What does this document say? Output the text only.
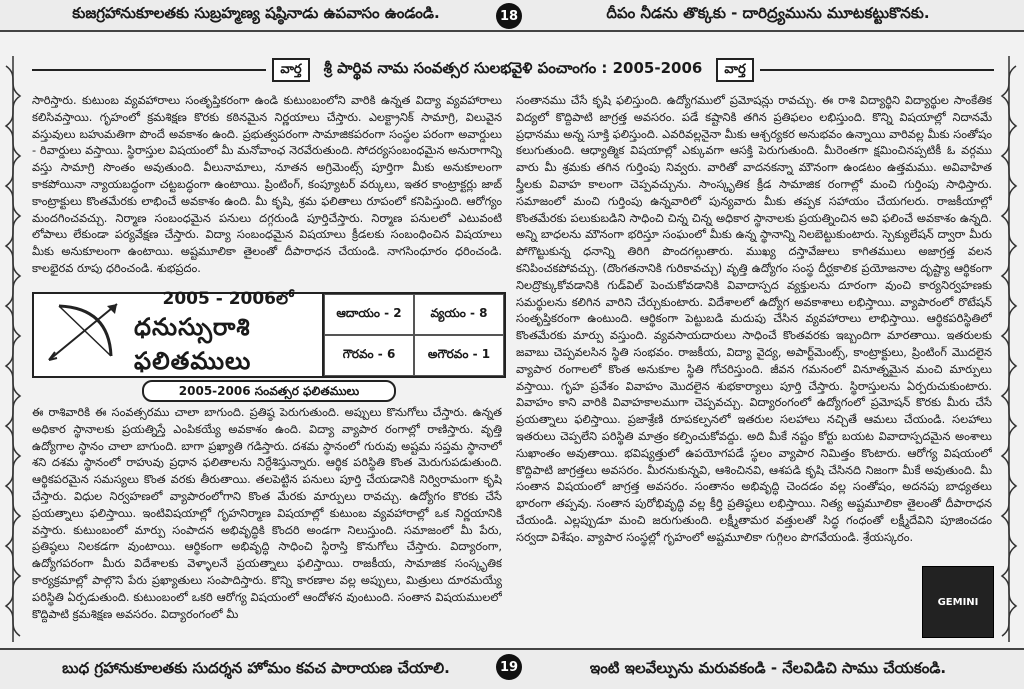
కుజగ్రహానుకూలతకు సుబ్రహ్మణ్య షష్ఠినాడు ఉపవాసం ఉండండి.	దీపం నీడను తొక్కకు - దారిద్ర్యమును మూటకట్టుకొనకు.
18
వార్త	శ్రీ పార్థివ నామ సంవత్సర సులభవైళి పంచాంగం : 2005-2006	వార్త

సారిస్తారు. కుటుంబ వ్యవహారాలు సంతృప్తికరంగా ఉండి కుటుంబంలోని వారికి ఉన్నత విద్యా వ్యవహారాలు కలిసివస్తాయి. గృహంలో క్రమశిక్షణ కొరకు కఠినమైన నిర్ణయాలు చేస్తారు. ఎలక్ట్రానిక్ సామాగ్రి, విలువైన వస్తువులు బహుమతిగా పొందే అవకాశం ఉంది. ప్రభుత్వపరంగా సామాజికపరంగా సంస్థల పరంగా అవార్డులు - రివార్డులు వస్తాయి. స్థిరాస్తుల విషయంలో మీ మనోవాంఛ నెరవేరుతుంది. సోదర్యసంబంధమైన అనురాగాన్ని వస్తు సామాగ్రి సొంతం అవుతుంది. వీలునామాలు, నూతన అగ్రిమెంట్స్ పూర్తిగా మీకు అనుకూలంగా కాకపోయినా న్యాయబద్ధంగా చట్టబద్ధంగా ఉంటాయి. ప్రింటింగ్, కంప్యూటర్ వర్కులు, ఇతర కాంట్రాక్టర్లు జాబ్ కాంట్రాక్టులు కొంతమేరకు లాభించే అవకాశం ఉంది. మీ కృషి, శ్రమ ఫలితాలు రూపంలో కనిపిస్తుంది. ఆరోగ్యం మందగించవచ్చు. నిర్మాణ సంబంధమైన పనులు దగ్గరుండి పూర్తిచేస్తారు. నిర్మాణ పనులలో ఎటువంటి లోపాలు లేకుండా పర్యవేక్షణ చేస్తారు. విద్యా సంబంధమైన విషయాలు క్రీడలకు సంబంధించిన విషయాలు మీకు అనుకూలంగా ఉంటాయి. అష్టమూలికా తైలంతో దీపారాధన చేయండి. నాగసింధూరం ధరించండి. కాలభైరవ రూపు ధరించండి. శుభప్రదం.

2005 - 2006లో
ధనుస్సురాశి ఫలితములు
ఆదాయం - 2	వ్యయం - 8
గౌరవం - 6	అగౌరవం - 1
2005-2006 సంవత్సర ఫలితములు

ఈ రాశివారికి ఈ సంవత్సరము చాలా బాగుంది. ప్రతిష్ఠ పెరుగుతుంది. అప్పులు కొనుగోలు చేస్తారు. ఉన్నత అధికార స్థానాలకు ప్రయత్నిస్తే ఎంపికయ్యే అవకాశం ఉంది. విద్యా వ్యాపార రంగాల్లో రాణిస్తారు. వృత్తి ఉద్యోగాల స్థానం చాలా బాగుంది. బాగా ప్రఖ్యాతి గడిస్తారు. దశమ స్థానంలో గురువు అష్టమ సప్తమ స్థానాలో శని దశమ స్థానంలో రాహువు ప్రధాన ఫలితాలను నిర్దేశిస్తున్నారు. ఆర్థిక పరిస్థితి కొంత మెరుగుపడుతుంది. ఆర్థికపరమైన సమస్యలు కొంత వరకు తీరుతాయి. తలపెట్టిన పనులు పూర్తి చేయడానికి నిర్విరామంగా కృషి చేస్తారు. విధుల నిర్వహణలో వ్యాపారంలోగాని కొంత మేరకు మార్పులు రావచ్చు. ఉద్యోగం కొరకు చేసే ప్రయత్నాలు ఫలిస్తాయి. ఇంటివిషయాల్లో గృహనిర్మాణ విషయాల్లో కుటుంబ వ్యవహారాల్లో ఒక నిర్ణయానికి వస్తారు. కుటుంబంలో మార్పు సంపాదన అభివృద్ధికి కొందరి అండగా నిలుస్తుంది. సమాజంలో మీ పేరు, ప్రతిష్ఠలు నిలకడగా వుంటాయి. ఆర్థికంగా అభివృద్ధి సాధించి స్థిరాస్తి కొనుగోలు చేస్తారు. విద్యారంగా, ఉద్యోగపరంగా మీరు విదేశాలకు వెళ్ళాలనే ప్రయత్నాలు ఫలిస్తాయి. రాజకీయ, సామాజిక సంస్కృతిక కార్యక్రమాల్లో పాల్గొని పేరు ప్రఖ్యాతులు సంపాదిస్తారు. కొన్ని కారణాల వల్ల అప్పులు, మిత్రులు దూరమయ్యే పరిస్థితి ఏర్పడుతుంది. కుటుంబంలో ఒకరి ఆరోగ్య విషయంలో ఆందోళన వుంటుంది. సంతాన విషయములలో కొద్దిపాటి క్రమశిక్షణ అవసరం. విద్యారంగంలో మీ

సంతానము చేసే కృషి ఫలిస్తుంది. ఉద్యోగములో ప్రమోషన్లు రావచ్చు. ఈ రాశి విద్యార్థిని విద్యార్థుల సాంకేతిక విద్యలో కొద్దిపాటి జాగ్రత్త అవసరం. పడే కష్టానికి తగిన ప్రతిఫలం లభిస్తుంది. కొన్ని విషయాల్లో నిదానమే ప్రధానము అన్న సూక్తి ఫలిస్తుంది. ఎవరివల్లనైనా మీకు ఆశ్చర్యకర అనుభవం ఉన్నాయి వారివల్ల మీకు సంతోషం కలుగుతుంది. ఆధ్యాత్మిక విషయాల్లో ఎక్కువగా ఆసక్తి పెరుగుతుంది. మీరెంతగా క్షమించినప్పటికీ ఓ వర్గము వారు మీ శ్రమకు తగిన గుర్తింపు నివ్వరు. వారితో వాదనకన్నా మౌనంగా ఉండటం ఉత్తమము. అవివాహిత స్త్రీలకు వివాహ కాలంగా చెప్పవచ్చును. సాంస్కృతిక క్రీడ సామాజిక రంగాల్లో మంచి గుర్తింపు సాధిస్తారు. సమాజంలో మంచి గుర్తింపు ఉన్నవారిలో పున్యవారు మీకు తప్పక సహాయం చేయగలరు. రాజకీయాల్లో కొంతమేరకు పలుకుబడిని సాధించి చిన్న చిన్న అధికార స్థానాలకు ప్రయత్నించిన అవి ఫలించే అవకాశం ఉన్నది. అన్ని బాధలను మౌనంగా భరిస్తూ సంఘంలో మీకు ఉన్న స్థానాన్ని నిలబెట్టుకుంటారు. స్పెక్యులేషన్ ద్వారా మీరు పోగొట్టుకున్న ధనాన్ని తిరిగి పొందగల్గుతారు. ముఖ్య దస్తావేజులు కాగితములు అజాగ్రత్త వలన కనిపించకపోవచ్చు. (దొంగతనానికి గురికావచ్చు) వృత్తి ఉద్యోగం సంస్థ దీర్ఘకాలిక ప్రయోజనాల దృష్ట్యా ఆర్థికంగా నిలద్రొక్కుకోవడానికి గుడ్‌విల్ పెంచుకోవడానికి వివాదాస్పద వ్యక్తులను దూరంగా వుంచి కార్యనిర్వహణకు సమర్థులను కలిగిన వారిని చేర్చుకుంటారు. విదేశాలలో ఉద్యోగ అవకాశాలు లభిస్తాయి. వ్యాపారంలో రొటేషన్ సంతృప్తికరంగా ఉంటుంది. ఆర్థికంగా పెట్టుబడి మదుపు చేసిన వ్యవహారాలు లాభిస్తాయి. ఆర్థికపరిస్థితిలో కొంతమేరకు మార్పు వస్తుంది. వ్యవసాయదారులు సాధించే కొంతవరకు ఇబ్బందిగా మారతాయి. ఇతరులకు జవాబు చెప్పవలసిన స్థితి సంభవం. రాజకీయ, విద్యా వైద్య, అపార్ట్‌మెంట్స్, కాంట్రాక్టులు, ప్రింటింగ్ మొదలైన వ్యాపార రంగాలలో కొంత అనుకూల స్థితి గోచరిస్తుంది. జీవన గమనంలో వినూత్నమైన మంచి మార్పులు వస్తాయి. గృహ ప్రవేశం వివాహం మొదలైన శుభకార్యాలు పూర్తి చేస్తారు. స్థిరాస్తులను ఏర్పరుచుకుంటారు. వివాహం కాని వారికి వివాహకాలముగా చెప్పవచ్చు. విద్యారంగంలో ఉద్యోగంలో ప్రమోషన్ కొరకు మీరు చేసే ప్రయత్నాలు ఫలిస్తాయి. ప్రజాశ్రేణి రూపకల్పనలో ఇతరుల సలహాలు నచ్చితే ఆమలు చేయండి. సలహాలు ఇతరులు చెప్పలేని పరిస్థితి మాత్రం కల్పించుకోవద్దు. అది మీకే నష్టం కోర్టు బయట వివాదాస్పదమైన అంశాలు సుఖాంతం అవుతాయి. భవిష్యత్తులో ఉపయోగపడే స్థలం వ్యాపార నిమిత్తం కొంటారు. ఆరోగ్య విషయంలో కొద్దిపాటి జాగ్రత్తలు అవసరం. మీరనుకున్నవి, ఆశించినవి, ఆశపడి కృషి చేసినది నిజంగా మీకే అవుతుంది. మీ సంతాన విషయంలో జాగ్రత్త అవసరం. సంతానం అభివృద్ధి చెందడం వల్ల సంతోషం, అదనపు బాధ్యతలు భారంగా తప్పవు. సంతాన పురోభివృద్ధి వల్ల కీర్తి ప్రతిష్ఠలు లభిస్తాయి. నిత్య అష్టమూలికా తైలంతో దీపారాధన చేయండి. ఎల్లప్పుడూ మంచి జరుగుతుంది. లక్ష్మీతామర వత్తులతో సిద్ధ గంధంతో లక్ష్మీదేవిని పూజించడం సర్వదా విశేషం. వ్యాపార సంస్థల్లో గృహంలో అష్టమూలికా గుగ్గిలం పొగవేయండి. శ్రేయస్కరం.

GEMINI
బుధ గ్రహానుకూలతకు సుదర్శన హోమం కవచ పారాయణ చేయాలి.	ఇంటి ఇలవేల్పును మరువకండి - నేలవిడిచి సాము చేయకండి.
19
